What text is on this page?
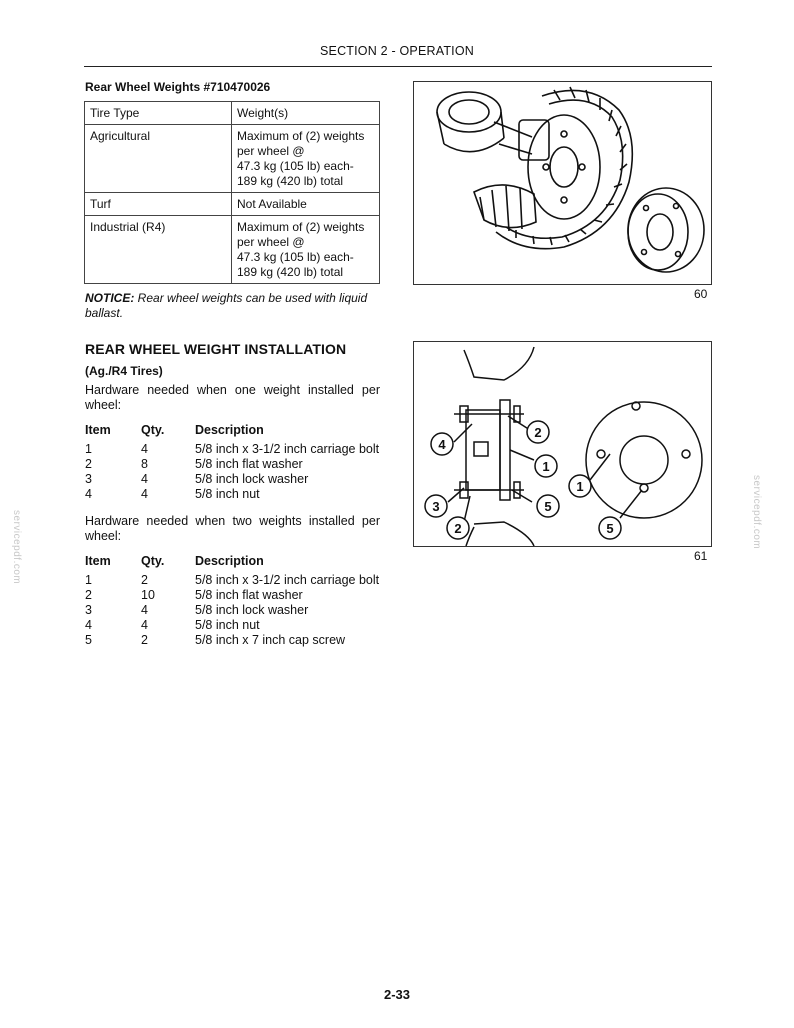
SECTION 2 - OPERATION
Rear Wheel Weights #710470026
Tire Type	Weight(s)
Agricultural	Maximum of (2) weights
per wheel @
47.3 kg (105 lb) each-
189 kg (420 lb) total

Turf	Not Available

Industrial (R4)	Maximum of (2) weights
per wheel @
47.3 kg (105 lb) each-
189 kg (420 lb) total
NOTICE: Rear wheel weights can be used with liquid ballast.
REAR WHEEL WEIGHT INSTALLATION
(Ag./R4 Tires)
Hardware needed when one weight installed per wheel:
Item	Qty.	Description
1	4	5/8 inch x 3-1/2 inch carriage bolt
2	8	5/8 inch flat washer
3	4	5/8 inch lock washer
4	4	5/8 inch nut
Hardware needed when two weights installed per wheel:
Item	Qty.	Description
1	2	5/8 inch x 3-1/2 inch carriage bolt
2	10	5/8 inch flat washer
3	4	5/8 inch lock washer
4	4	5/8 inch nut
5	2	5/8 inch x 7 inch cap screw
60
4
2
1
3	5
2
1
5
61
servicepdf.com	servicepdf.com
2-33
